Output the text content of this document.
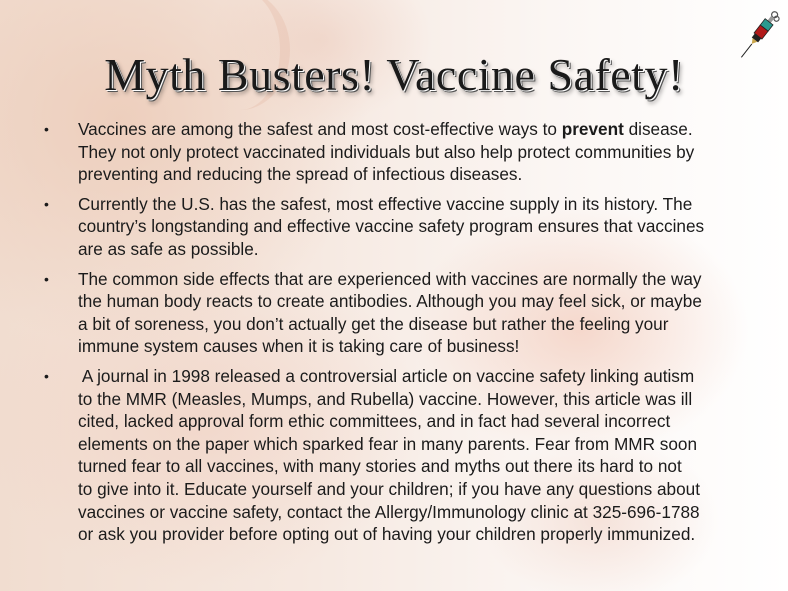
Myth Busters! Vaccine Safety!
• Vaccines are among the safest and most cost-effective ways to prevent disease.
They not only protect vaccinated individuals but also help protect communities by
preventing and reducing the spread of infectious diseases.
• Currently the U.S. has the safest, most effective vaccine supply in its history. The
country’s longstanding and effective vaccine safety program ensures that vaccines
are as safe as possible.
• The common side effects that are experienced with vaccines are normally the way
the human body reacts to create antibodies. Although you may feel sick, or maybe
a bit of soreness, you don’t actually get the disease but rather the feeling your
immune system causes when it is taking care of business!
• A journal in 1998 released a controversial article on vaccine safety linking autism
to the MMR (Measles, Mumps, and Rubella) vaccine. However, this article was ill
cited, lacked approval form ethic committees, and in fact had several incorrect
elements on the paper which sparked fear in many parents. Fear from MMR soon
turned fear to all vaccines, with many stories and myths out there its hard to not
to give into it. Educate yourself and your children; if you have any questions about
vaccines or vaccine safety, contact the Allergy/Immunology clinic at 325-696-1788
or ask you provider before opting out of having your children properly immunized.
